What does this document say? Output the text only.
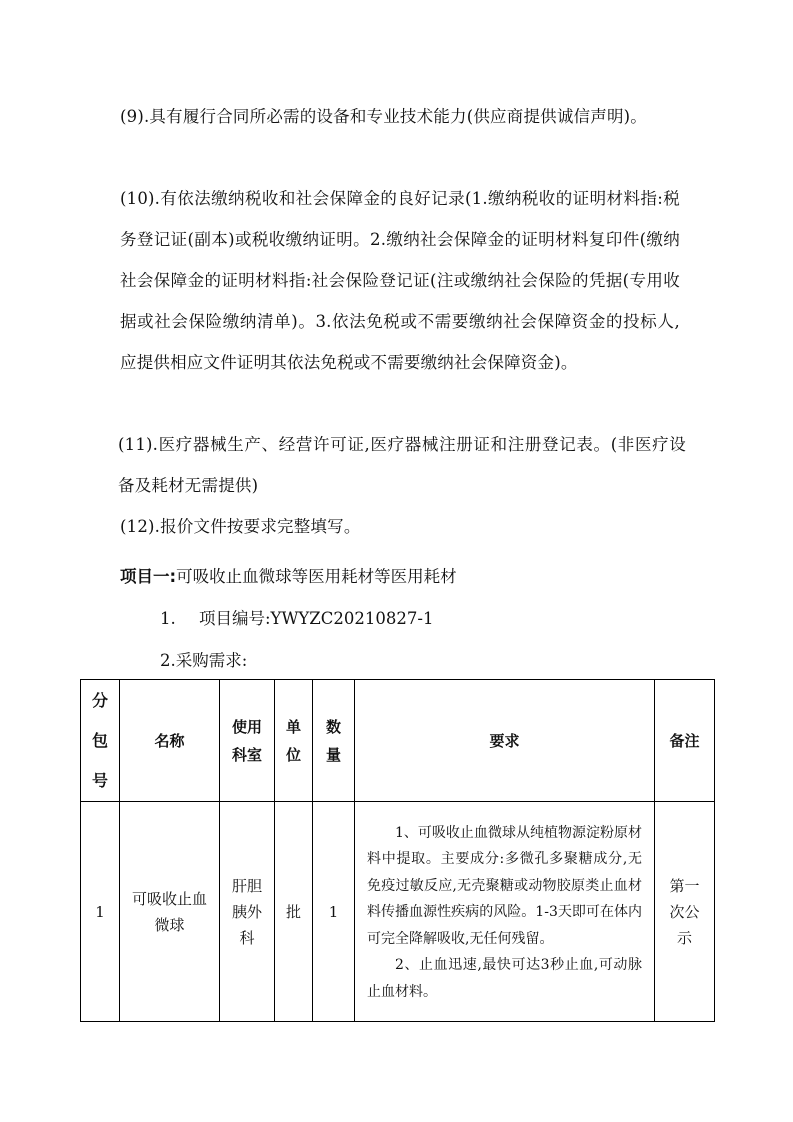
(9).具有履行合同所必需的设备和专业技术能力(供应商提供诚信声明)。

(10).有依法缴纳税收和社会保障金的良好记录(1.缴纳税收的证明材料指:税务登记证(副本)或税收缴纳证明。2.缴纳社会保障金的证明材料复印件(缴纳社会保障金的证明材料指:社会保险登记证(注或缴纳社会保险的凭据(专用收据或社会保险缴纳清单)。3.依法免税或不需要缴纳社会保障资金的投标人,应提供相应文件证明其依法免税或不需要缴纳社会保障资金)。

(11).医疗器械生产、经营许可证,医疗器械注册证和注册登记表。(非医疗设备及耗材无需提供)

(12).报价文件按要求完整填写。

项目一:可吸收止血微球等医用耗材等医用耗材
1. 项目编号:YWYZC20210827-1
2.采购需求:
分包号	名称	使用科室	单位	数量	要求	备注
1	可吸收止血微球	肝胆胰外科	批	1	1、可吸收止血微球从纯植物源淀粉原材料中提取。主要成分:多微孔多聚糖成分,无免疫过敏反应,无壳聚糖或动物胶原类止血材料传播血源性疾病的风险。1-3天即可在体内可完全降解吸收,无任何残留。

2、止血迅速,最快可达3秒止血,可动脉止血材料。	第一次公示
